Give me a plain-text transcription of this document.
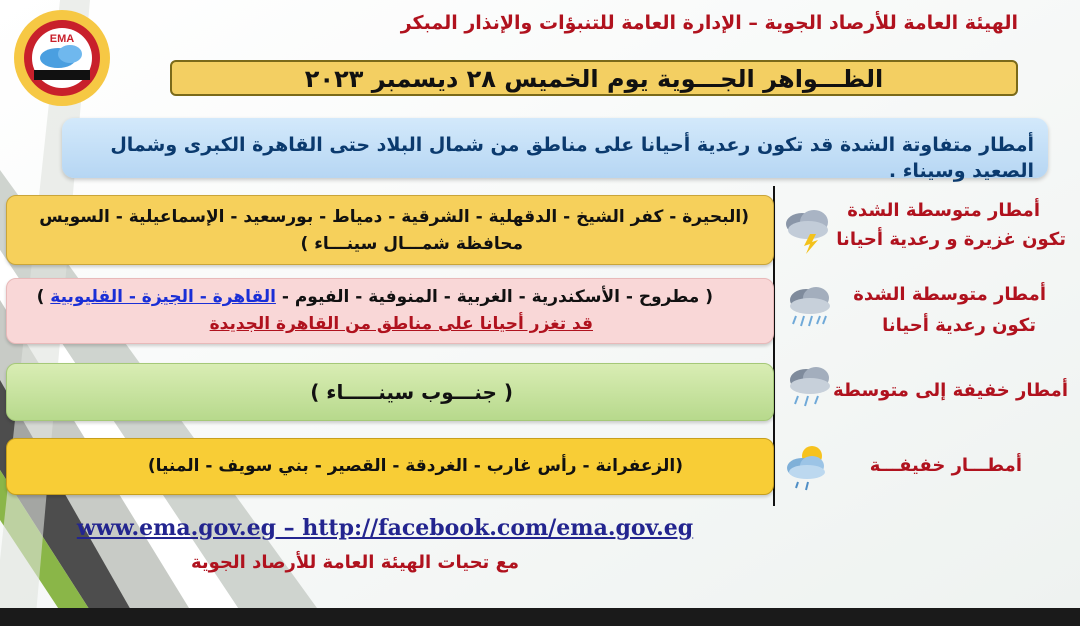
EMA
الهيئة العامة للأرصاد الجوية – الإدارة العامة للتنبؤات والإنذار المبكر
الظـــواهر الجـــوية يوم الخميس ٢٨ ديسمبر ٢٠٢٣
أمطار متفاوتة الشدة قد تكون رعدية أحيانا على مناطق من شمال البلاد حتى القاهرة الكبرى وشمال الصعيد وسيناء .
(البحيرة - كفر الشيخ - الدقهلية - الشرقية - دمياط - بورسعيد - الإسماعيلية - السويس
محافظة شمـــال سينـــاء )
أمطار متوسطة الشدة
تكون غزيرة و رعدية أحيانا
( مطروح - الأسكندرية - الغربية - المنوفية - الفيوم - القاهرة - الجيزة - القليوبية )
قد تغزر أحيانا على مناطق من القاهرة الجديدة
أمطار متوسطة الشدة
تكون رعدية أحيانا
( جنـــوب سينـــــاء )	أمطار خفيفة إلى متوسطة
(الزعفرانة - رأس غارب - الغردقة - القصير - بني سويف - المنيا)	أمطـــار خفيفـــة
www.ema.gov.eg – http://facebook.com/ema.gov.eg
مع تحيات الهيئة العامة للأرصاد الجوية
